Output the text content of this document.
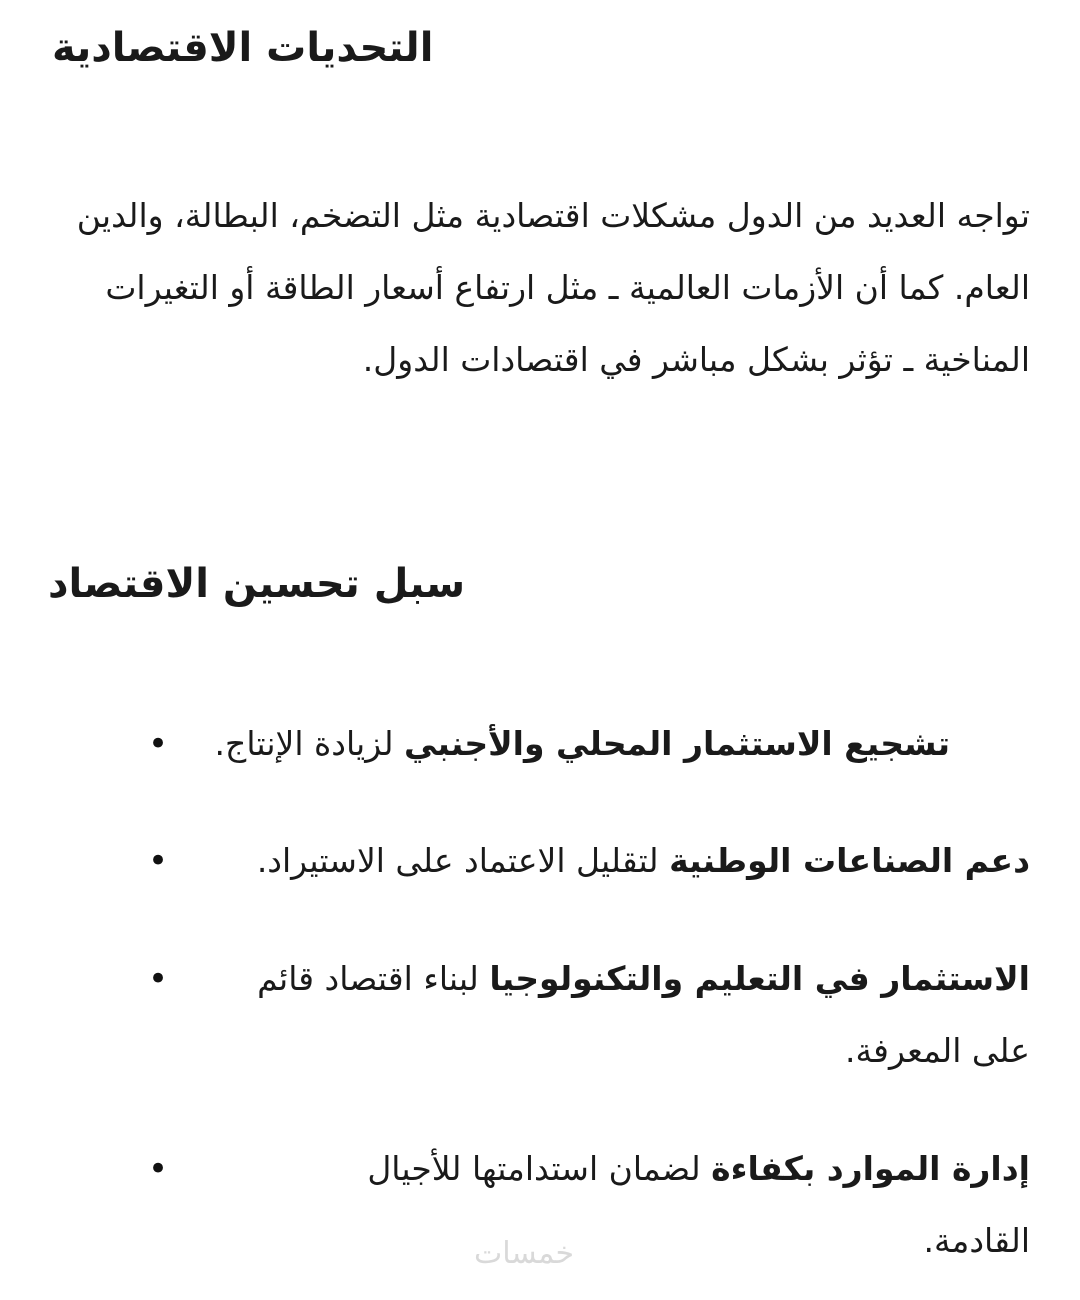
التحديات الاقتصادية

تواجه العديد من الدول مشكلات اقتصادية مثل التضخم، البطالة، والدين العام. كما أن الأزمات العالمية ـ مثل ارتفاع أسعار الطاقة أو التغيرات المناخية ـ تؤثر بشكل مباشر في اقتصادات الدول.

سبل تحسين الاقتصاد
•	تشجيع الاستثمار المحلي والأجنبي لزيادة الإنتاج.
•	دعم الصناعات الوطنية لتقليل الاعتماد على الاستيراد.
•	الاستثمار في التعليم والتكنولوجيا لبناء اقتصاد قائم على المعرفة.
•	إدارة الموارد بكفاءة لضمان استدامتها للأجيال القادمة.
خمسات
